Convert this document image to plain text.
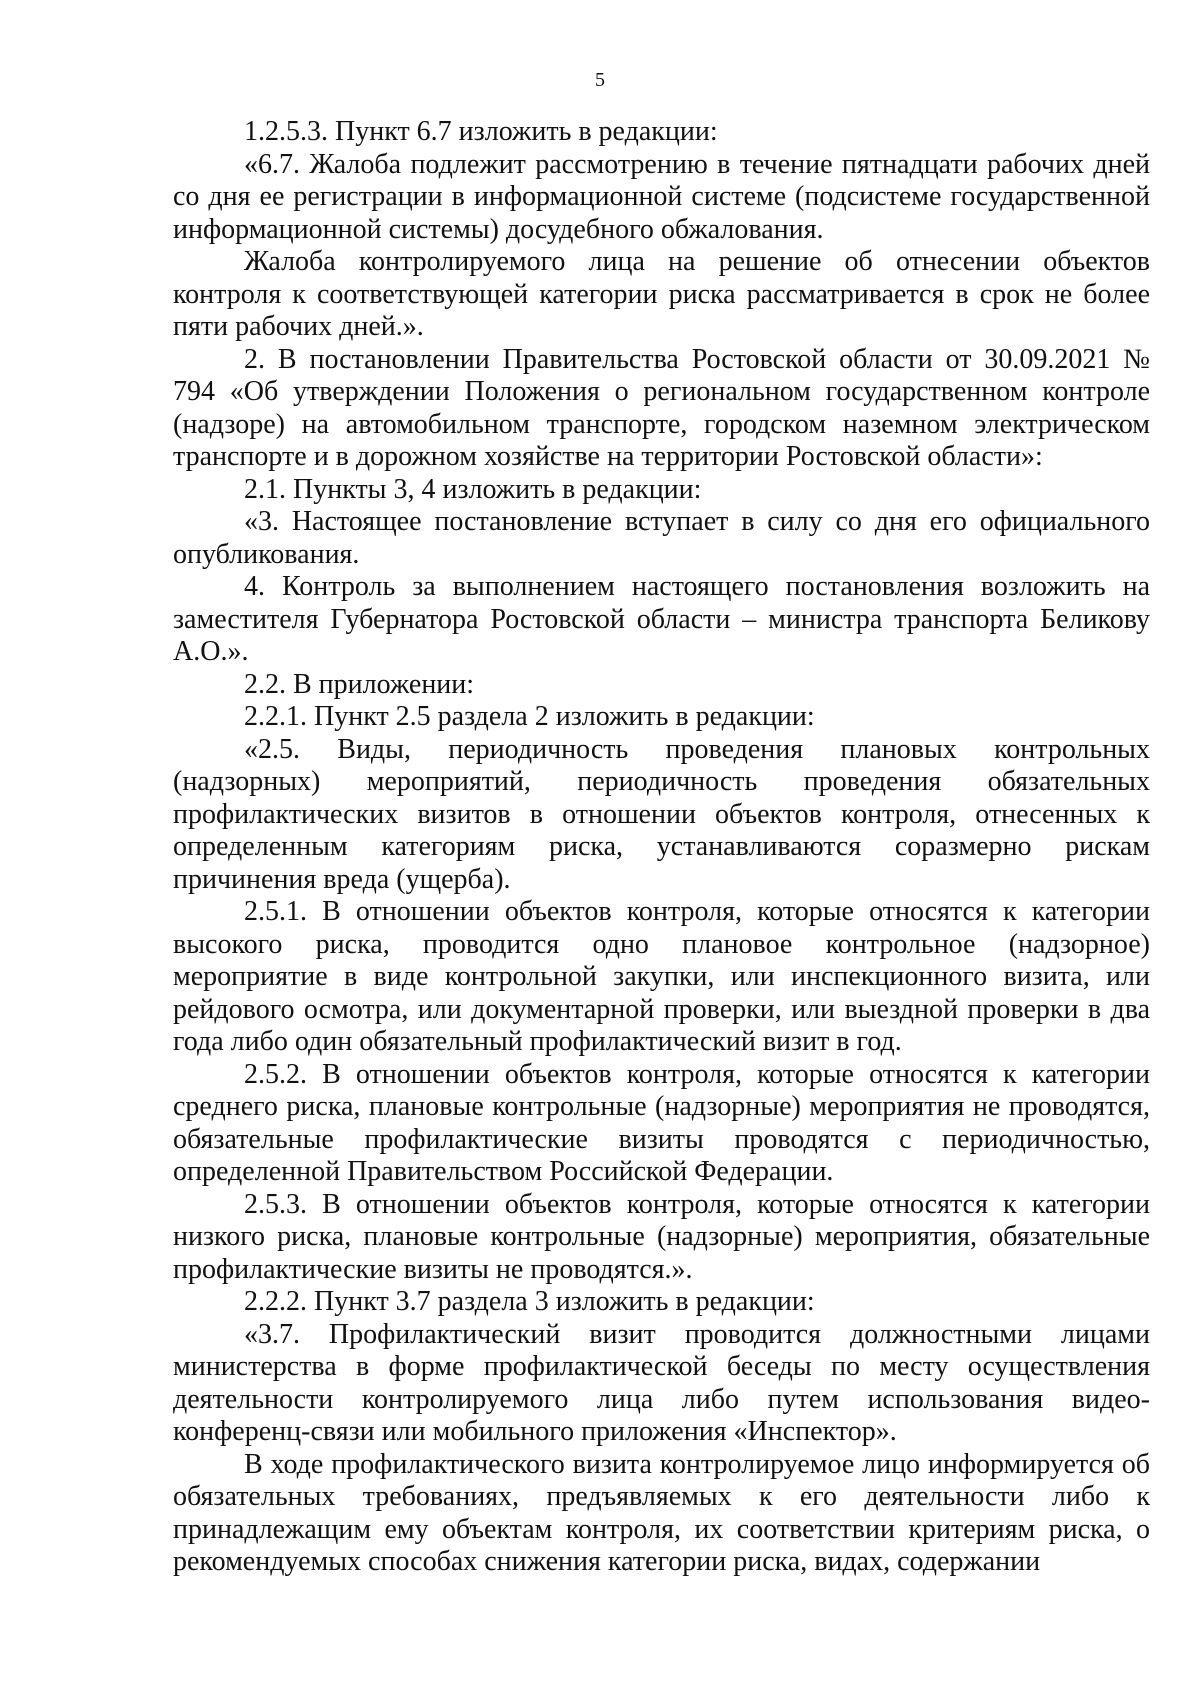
5

1.2.5.3. Пункт 6.7 изложить в редакции:

«6.7. Жалоба подлежит рассмотрению в течение пятнадцати рабочих дней со дня ее регистрации в информационной системе (подсистеме государственной информационной системы) досудебного обжалования.

Жалоба контролируемого лица на решение об отнесении объектов контроля к соответствующей категории риска рассматривается в срок не более пяти рабочих дней.».

2. В постановлении Правительства Ростовской области от 30.09.2021 № 794 «Об утверждении Положения о региональном государственном контроле (надзоре) на автомобильном транспорте, городском наземном электрическом транспорте и в дорожном хозяйстве на территории Ростовской области»:

2.1. Пункты 3, 4 изложить в редакции:

«3. Настоящее постановление вступает в силу со дня его официального опубликования.

4. Контроль за выполнением настоящего постановления возложить на заместителя Губернатора Ростовской области – министра транспорта Беликову А.О.».

2.2. В приложении:

2.2.1. Пункт 2.5 раздела 2 изложить в редакции:

«2.5. Виды, периодичность проведения плановых контрольных (надзорных) мероприятий, периодичность проведения обязательных профилактических визитов в отношении объектов контроля, отнесенных к определенным категориям риска, устанавливаются соразмерно рискам причинения вреда (ущерба).

2.5.1. В отношении объектов контроля, которые относятся к категории высокого риска, проводится одно плановое контрольное (надзорное) мероприятие в виде контрольной закупки, или инспекционного визита, или рейдового осмотра, или документарной проверки, или выездной проверки в два года либо один обязательный профилактический визит в год.

2.5.2. В отношении объектов контроля, которые относятся к категории среднего риска, плановые контрольные (надзорные) мероприятия не проводятся, обязательные профилактические визиты проводятся с периодичностью, определенной Правительством Российской Федерации.

2.5.3. В отношении объектов контроля, которые относятся к категории низкого риска, плановые контрольные (надзорные) мероприятия, обязательные профилактические визиты не проводятся.».

2.2.2. Пункт 3.7 раздела 3 изложить в редакции:

«3.7. Профилактический визит проводится должностными лицами министерства в форме профилактической беседы по месту осуществления деятельности контролируемого лица либо путем использования видео-конференц-связи или мобильного приложения «Инспектор».

В ходе профилактического визита контролируемое лицо информируется об обязательных требованиях, предъявляемых к его деятельности либо к принадлежащим ему объектам контроля, их соответствии критериям риска, о рекомендуемых способах снижения категории риска, видах, содержании
